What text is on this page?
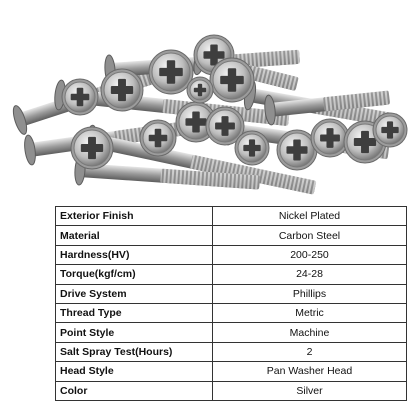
Exterior Finish	Nickel Plated
Material	Carbon Steel
Hardness(HV)	200-250
Torque(kgf/cm)	24-28
Drive System	Phillips
Thread Type	Metric
Point Style	Machine
Salt Spray Test(Hours)	2
Head Style	Pan Washer Head
Color	Silver
